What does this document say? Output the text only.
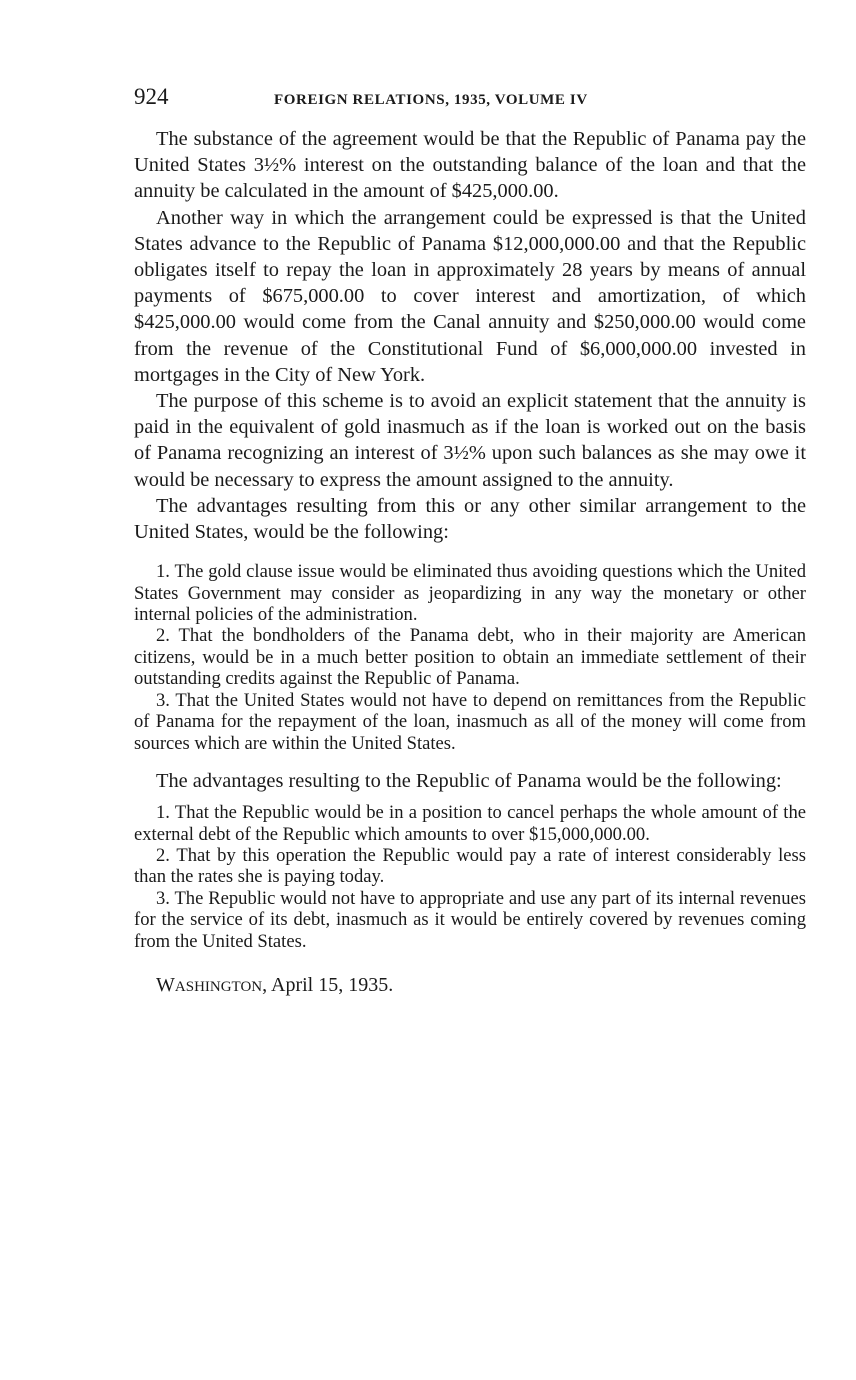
924	FOREIGN RELATIONS, 1935, VOLUME IV

The substance of the agreement would be that the Republic of Panama pay the United States 3½% interest on the outstanding balance of the loan and that the annuity be calculated in the amount of $425,000.00.

Another way in which the arrangement could be expressed is that the United States advance to the Republic of Panama $12,000,000.00 and that the Republic obligates itself to repay the loan in approximately 28 years by means of annual payments of $675,000.00 to cover interest and amortization, of which $425,000.00 would come from the Canal annuity and $250,000.00 would come from the revenue of the Constitutional Fund of $6,000,000.00 invested in mortgages in the City of New York.

The purpose of this scheme is to avoid an explicit statement that the annuity is paid in the equivalent of gold inasmuch as if the loan is worked out on the basis of Panama recognizing an interest of 3½% upon such balances as she may owe it would be necessary to express the amount assigned to the annuity.

The advantages resulting from this or any other similar arrangement to the United States, would be the following:

1. The gold clause issue would be eliminated thus avoiding questions which the United States Government may consider as jeopardizing in any way the monetary or other internal policies of the administration.

2. That the bondholders of the Panama debt, who in their majority are American citizens, would be in a much better position to obtain an immediate settlement of their outstanding credits against the Republic of Panama.

3. That the United States would not have to depend on remittances from the Republic of Panama for the repayment of the loan, inasmuch as all of the money will come from sources which are within the United States.

The advantages resulting to the Republic of Panama would be the following:

1. That the Republic would be in a position to cancel perhaps the whole amount of the external debt of the Republic which amounts to over $15,000,000.00.

2. That by this operation the Republic would pay a rate of interest considerably less than the rates she is paying today.

3. The Republic would not have to appropriate and use any part of its internal revenues for the service of its debt, inasmuch as it would be entirely covered by revenues coming from the United States.

WASHINGTON, April 15, 1935.
